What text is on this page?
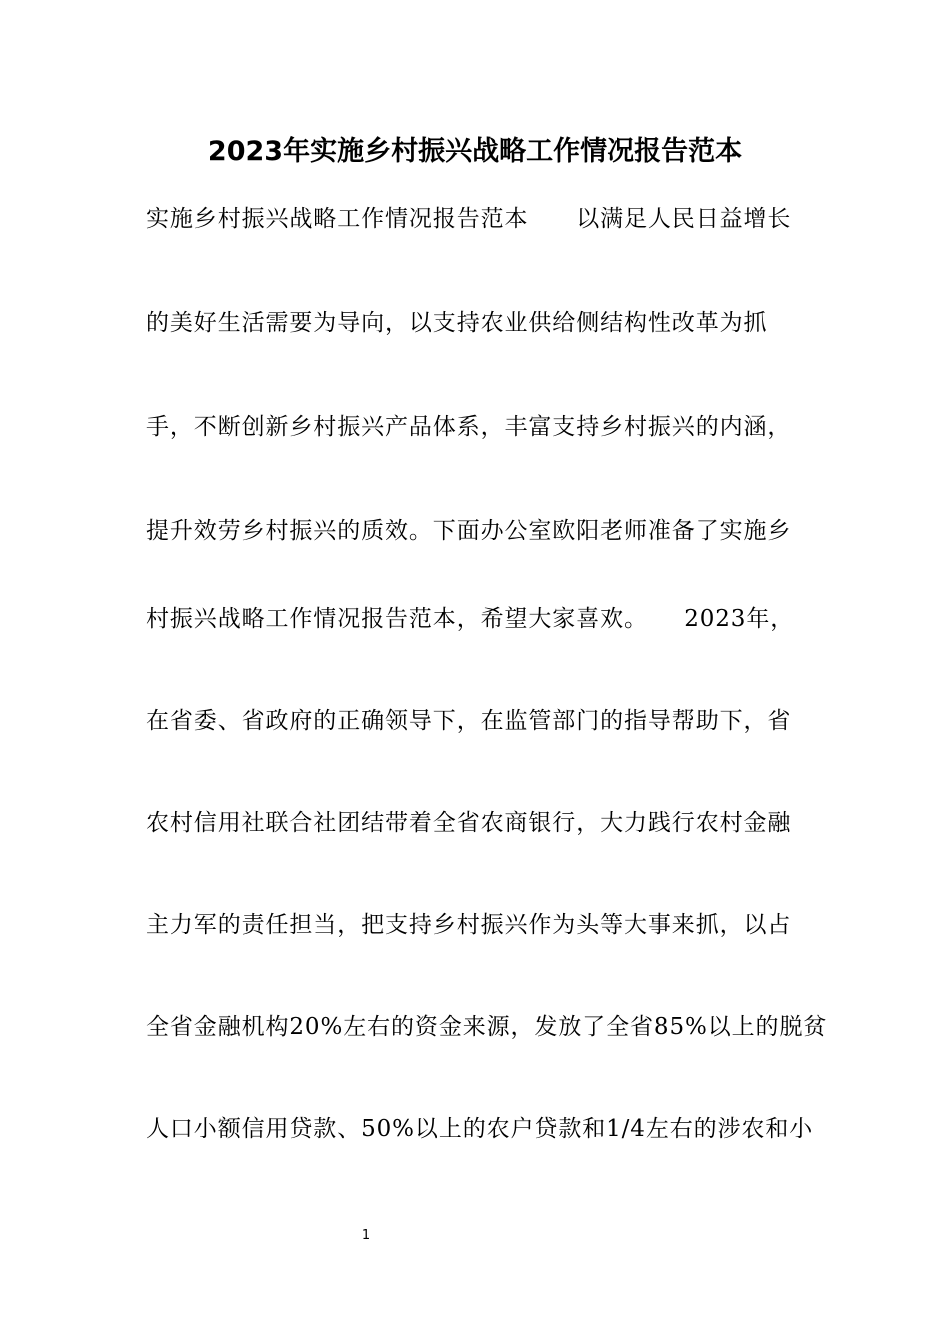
2023年实施乡村振兴战略工作情况报告范本

实施乡村振兴战略工作情况报告范本　　以满足人民日益增长

的美好生活需要为导向，以支持农业供给侧结构性改革为抓

手，不断创新乡村振兴产品体系，丰富支持乡村振兴的内涵，

提升效劳乡村振兴的质效。下面办公室欧阳老师准备了实施乡

村振兴战略工作情况报告范本，希望大家喜欢。　　2023年，

在省委、省政府的正确领导下，在监管部门的指导帮助下，省

农村信用社联合社团结带着全省农商银行，大力践行农村金融

主力军的责任担当，把支持乡村振兴作为头等大事来抓，以占

全省金融机构20%左右的资金来源，发放了全省85%以上的脱贫

人口小额信用贷款、50%以上的农户贷款和1/4左右的涉农和小

1
